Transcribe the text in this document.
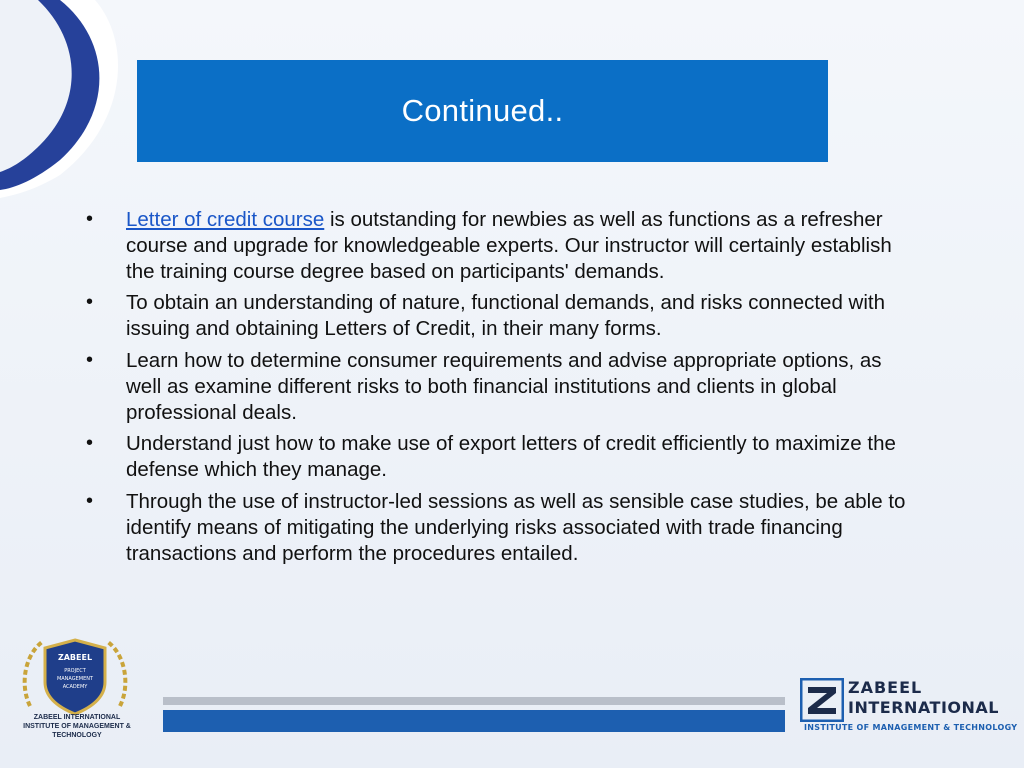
Continued..
• Letter of credit course is outstanding for newbies as well as functions as a refresher course and upgrade for knowledgeable experts. Our instructor will certainly establish the training course degree based on participants' demands.
• To obtain an understanding of nature, functional demands, and risks connected with issuing and obtaining Letters of Credit, in their many forms.
• Learn how to determine consumer requirements and advise appropriate options, as well as examine different risks to both financial institutions and clients in global professional deals.
• Understand just how to make use of export letters of credit efficiently to maximize the defense which they manage.
• Through the use of instructor-led sessions as well as sensible case studies, be able to identify means of mitigating the underlying risks associated with trade financing transactions and perform the procedures entailed.
ZABEEL
PROJECT
MANAGEMENT
ACADEMY
ZABEEL INTERNATIONAL
INSTITUTE OF MANAGEMENT & TECHNOLOGY
ZABEEL
INTERNATIONAL
INSTITUTE OF MANAGEMENT & TECHNOLOGY
